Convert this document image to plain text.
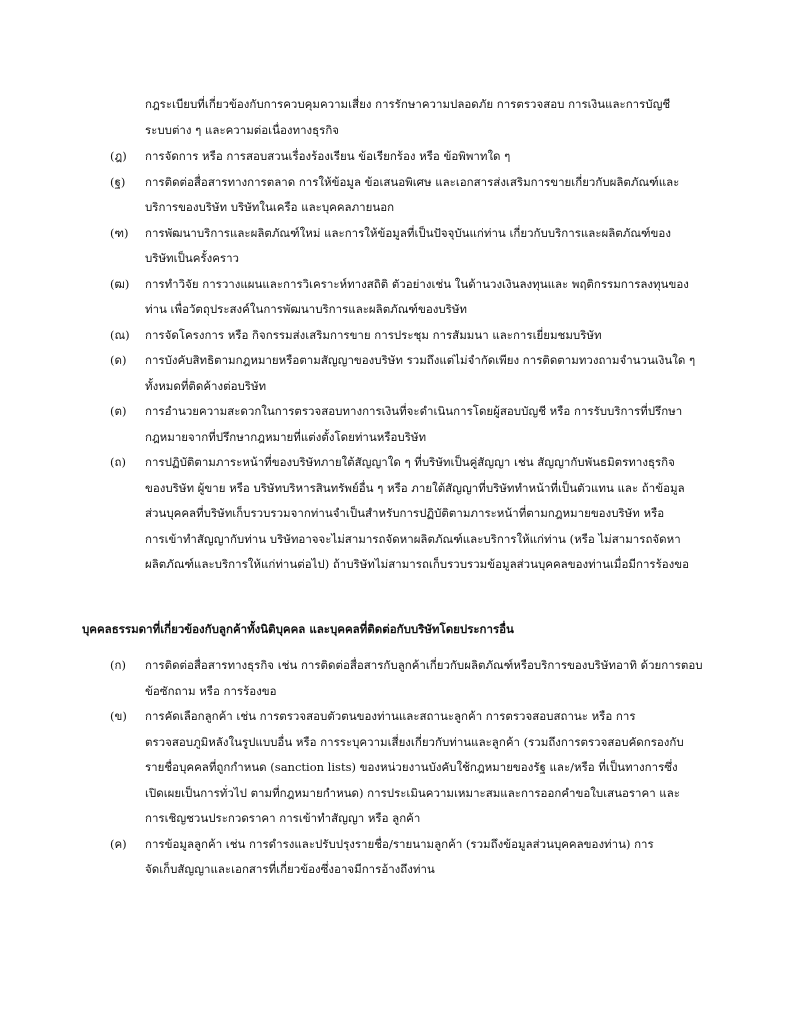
กฎระเบียบที่เกี่ยวข้องกับการควบคุมความเสี่ยง การรักษาความปลอดภัย การตรวจสอบ การเงินและการบัญชี
ระบบต่าง ๆ และความต่อเนื่องทางธุรกิจ
(ฎ)	การจัดการ หรือ การสอบสวนเรื่องร้องเรียน ข้อเรียกร้อง หรือ ข้อพิพาทใด ๆ
(ฐ)	การติดต่อสื่อสารทางการตลาด การให้ข้อมูล ข้อเสนอพิเศษ และเอกสารส่งเสริมการขายเกี่ยวกับผลิตภัณฑ์และ
บริการของบริษัท บริษัทในเครือ และบุคคลภายนอก
(ฑ)	การพัฒนาบริการและผลิตภัณฑ์ใหม่ และการให้ข้อมูลที่เป็นปัจจุบันแก่ท่าน เกี่ยวกับบริการและผลิตภัณฑ์ของ
บริษัทเป็นครั้งคราว
(ฒ)	การทำวิจัย การวางแผนและการวิเคราะห์ทางสถิติ ตัวอย่างเช่น ในด้านวงเงินลงทุนและ พฤติกรรมการลงทุนของ
ท่าน เพื่อวัตถุประสงค์ในการพัฒนาบริการและผลิตภัณฑ์ของบริษัท
(ณ)	การจัดโครงการ หรือ กิจกรรมส่งเสริมการขาย การประชุม การสัมมนา และการเยี่ยมชมบริษัท
(ด)	การบังคับสิทธิตามกฎหมายหรือตามสัญญาของบริษัท รวมถึงแต่ไม่จำกัดเพียง การติดตามทวงถามจำนวนเงินใด ๆ
ทั้งหมดที่ติดค้างต่อบริษัท
(ต)	การอำนวยความสะดวกในการตรวจสอบทางการเงินที่จะดำเนินการโดยผู้สอบบัญชี หรือ การรับบริการที่ปรึกษา
กฎหมายจากที่ปรึกษากฎหมายที่แต่งตั้งโดยท่านหรือบริษัท
(ถ)	การปฏิบัติตามภาระหน้าที่ของบริษัทภายใต้สัญญาใด ๆ ที่บริษัทเป็นคู่สัญญา เช่น สัญญากับพันธมิตรทางธุรกิจ
ของบริษัท ผู้ขาย หรือ บริษัทบริหารสินทรัพย์อื่น ๆ หรือ ภายใต้สัญญาที่บริษัททำหน้าที่เป็นตัวแทน และ ถ้าข้อมูล
ส่วนบุคคลที่บริษัทเก็บรวบรวมจากท่านจำเป็นสำหรับการปฏิบัติตามภาระหน้าที่ตามกฎหมายของบริษัท หรือ
การเข้าทำสัญญากับท่าน บริษัทอาจจะไม่สามารถจัดหาผลิตภัณฑ์และบริการให้แก่ท่าน (หรือ ไม่สามารถจัดหา
ผลิตภัณฑ์และบริการให้แก่ท่านต่อไป) ถ้าบริษัทไม่สามารถเก็บรวบรวมข้อมูลส่วนบุคคลของท่านเมื่อมีการร้องขอ
บุคคลธรรมดาที่เกี่ยวข้องกับลูกค้าทั้งนิติบุคคล และบุคคลที่ติดต่อกับบริษัทโดยประการอื่น
(ก)	การติดต่อสื่อสารทางธุรกิจ เช่น การติดต่อสื่อสารกับลูกค้าเกี่ยวกับผลิตภัณฑ์หรือบริการของบริษัทอาทิ ด้วยการตอบ
ข้อซักถาม หรือ การร้องขอ
(ข)	การคัดเลือกลูกค้า เช่น การตรวจสอบตัวตนของท่านและสถานะลูกค้า การตรวจสอบสถานะ หรือ การ
ตรวจสอบภูมิหลังในรูปแบบอื่น หรือ การระบุความเสี่ยงเกี่ยวกับท่านและลูกค้า (รวมถึงการตรวจสอบคัดกรองกับ
รายชื่อบุคคลที่ถูกกำหนด (sanction lists) ของหน่วยงานบังคับใช้กฎหมายของรัฐ และ/หรือ ที่เป็นทางการซึ่ง
เปิดเผยเป็นการทั่วไป ตามที่กฎหมายกำหนด) การประเมินความเหมาะสมและการออกคำขอใบเสนอราคา และ
การเชิญชวนประกวดราคา การเข้าทำสัญญา หรือ ลูกค้า
(ค)	การข้อมูลลูกค้า เช่น การดำรงและปรับปรุงรายชื่อ/รายนามลูกค้า (รวมถึงข้อมูลส่วนบุคคลของท่าน) การ
จัดเก็บสัญญาและเอกสารที่เกี่ยวข้องซึ่งอาจมีการอ้างถึงท่าน
